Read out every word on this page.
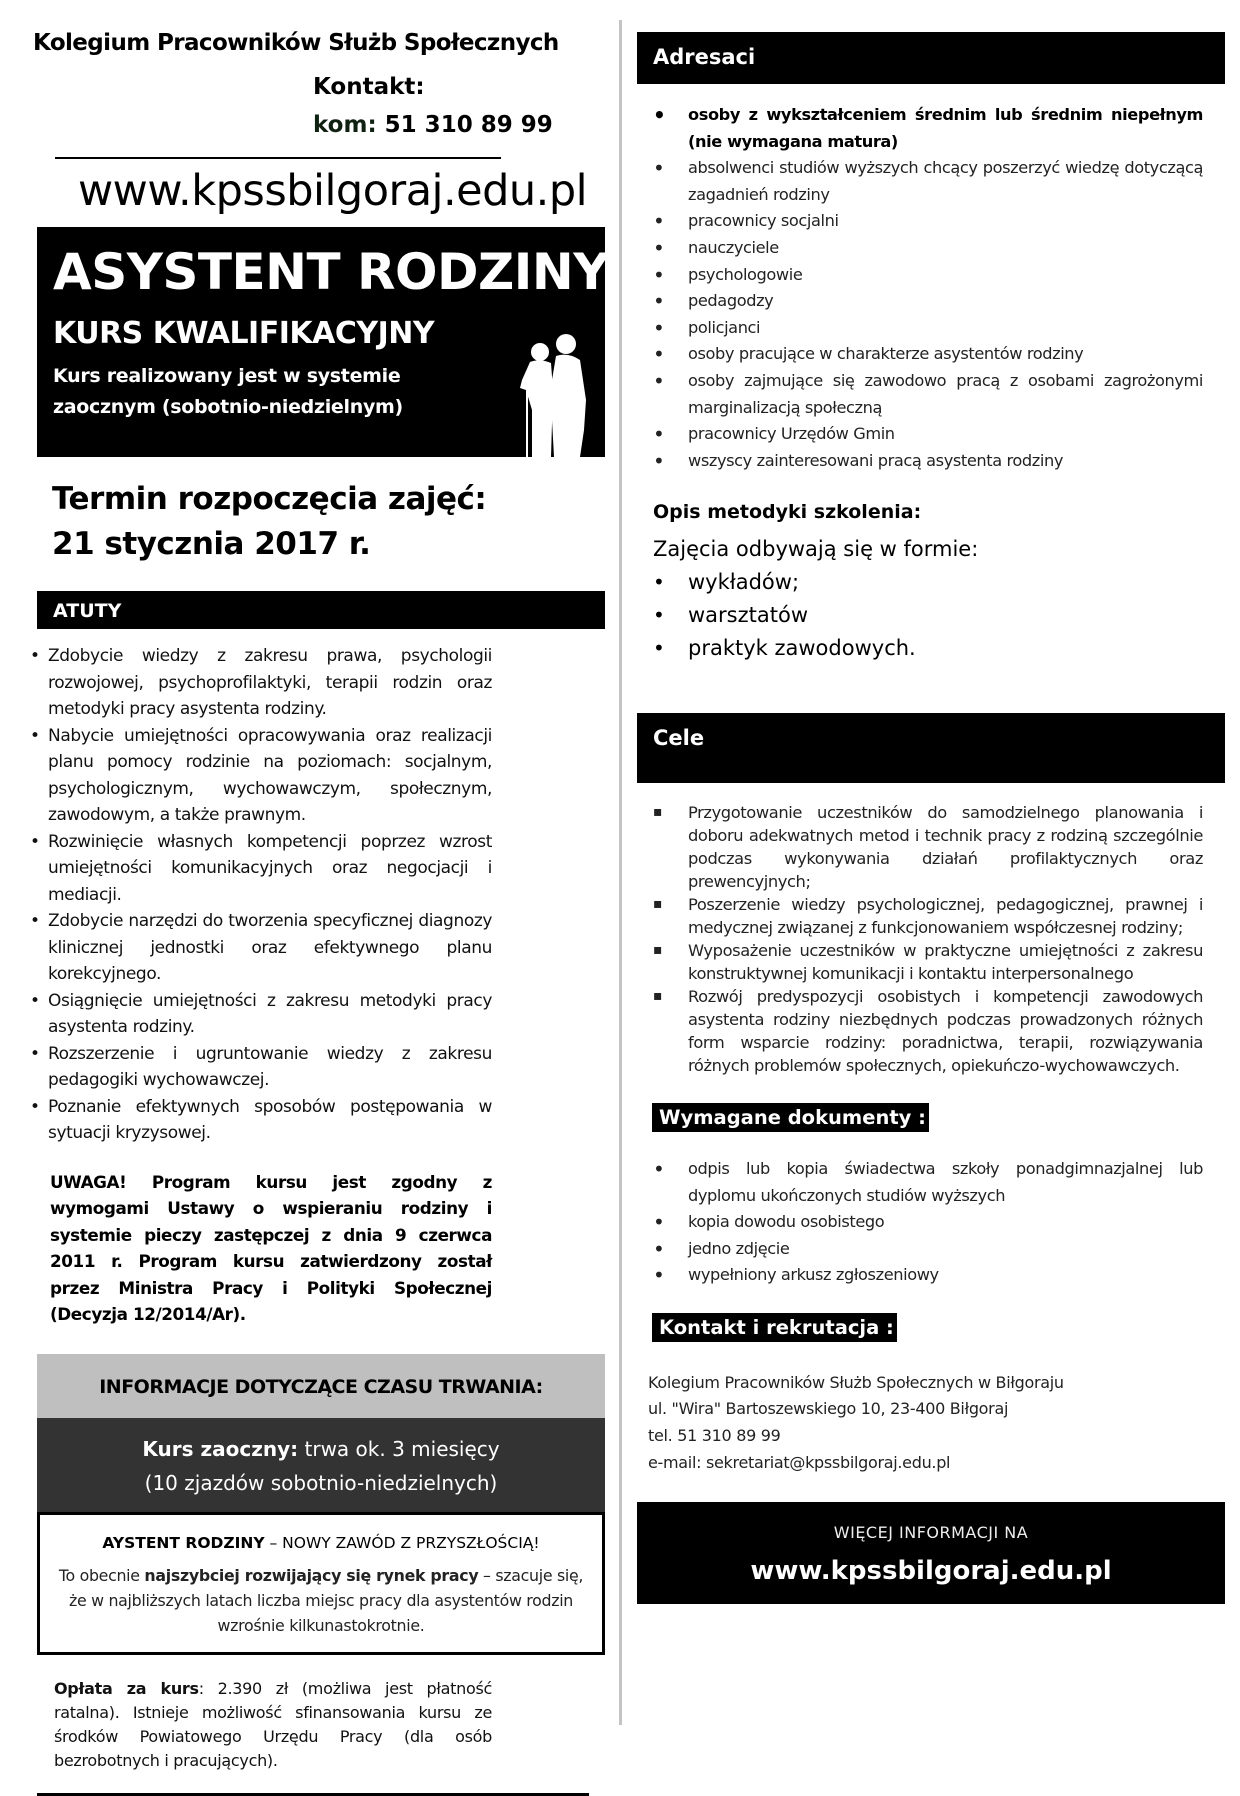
Kolegium Pracowników Służb Społecznych
Kontakt:
kom: 51 310 89 99
www.kpssbilgoraj.edu.pl
ASYSTENT RODZINY
KURS KWALIFIKACYJNY
Kurs realizowany jest w systemie
zaocznym (sobotnio-niedzielnym)
Termin rozpoczęcia zajęć:
21 stycznia 2017 r.
ATUTY
• Zdobycie wiedzy z zakresu prawa, psychologii rozwojowej, psychoprofilaktyki, terapii rodzin oraz metodyki pracy asystenta rodziny.
• Nabycie umiejętności opracowywania oraz realizacji planu pomocy rodzinie na poziomach: socjalnym, psychologicznym, wychowawczym, społecznym, zawodowym, a także prawnym.
• Rozwinięcie własnych kompetencji poprzez wzrost umiejętności komunikacyjnych oraz negocjacji i mediacji.
• Zdobycie narzędzi do tworzenia specyficznej diagnozy klinicznej jednostki oraz efektywnego planu korekcyjnego.
• Osiągnięcie umiejętności z zakresu metodyki pracy asystenta rodziny.
• Rozszerzenie i ugruntowanie wiedzy z zakresu pedagogiki wychowawczej.
• Poznanie efektywnych sposobów postępowania w sytuacji kryzysowej.
UWAGA! Program kursu jest zgodny z wymogami Ustawy o wspieraniu rodziny i systemie pieczy zastępczej z dnia 9 czerwca 2011 r. Program kursu zatwierdzony został przez Ministra Pracy i Polityki Społecznej (Decyzja 12/2014/Ar).
INFORMACJE DOTYCZĄCE CZASU TRWANIA:
Kurs zaoczny: trwa ok. 3 miesięcy
(10 zjazdów sobotnio-niedzielnych)
AYSTENT RODZINY – NOWY ZAWÓD Z PRZYSZŁOŚCIĄ!
To obecnie najszybciej rozwijający się rynek pracy – szacuje się, że w najbliższych latach liczba miejsc pracy dla asystentów rodzin wzrośnie kilkunastokrotnie.
Opłata za kurs: 2.390 zł (możliwa jest płatność ratalna). Istnieje możliwość sfinansowania kursu ze środków Powiatowego Urzędu Pracy (dla osób bezrobotnych i pracujących).
Adresaci
• osoby z wykształceniem średnim lub średnim niepełnym (nie wymagana matura)
• absolwenci studiów wyższych chcący poszerzyć wiedzę dotyczącą zagadnień rodziny
• pracownicy socjalni
• nauczyciele
• psychologowie
• pedagodzy
• policjanci
• osoby pracujące w charakterze asystentów rodziny
• osoby zajmujące się zawodowo pracą z osobami zagrożonymi marginalizacją społeczną
• pracownicy Urzędów Gmin
• wszyscy zainteresowani pracą asystenta rodziny
Opis metodyki szkolenia:
Zajęcia odbywają się w formie:
• wykładów;
• warsztatów
• praktyk zawodowych.
Cele
▪ Przygotowanie uczestników do samodzielnego planowania i doboru adekwatnych metod i technik pracy z rodziną szczególnie podczas wykonywania działań profilaktycznych oraz prewencyjnych;
▪ Poszerzenie wiedzy psychologicznej, pedagogicznej, prawnej i medycznej związanej z funkcjonowaniem współczesnej rodziny;
▪ Wyposażenie uczestników w praktyczne umiejętności z zakresu konstruktywnej komunikacji i kontaktu interpersonalnego
▪ Rozwój predyspozycji osobistych i kompetencji zawodowych asystenta rodziny niezbędnych podczas prowadzonych różnych form wsparcie rodziny: poradnictwa, terapii, rozwiązywania różnych problemów społecznych, opiekuńczo-wychowawczych.
Wymagane dokumenty :
• odpis lub kopia świadectwa szkoły ponadgimnazjalnej lub dyplomu ukończonych studiów wyższych
• kopia dowodu osobistego
• jedno zdjęcie
• wypełniony arkusz zgłoszeniowy
Kontakt i rekrutacja :
Kolegium Pracowników Służb Społecznych w Biłgoraju
ul. "Wira" Bartoszewskiego 10, 23-400 Biłgoraj
tel. 51 310 89 99
e-mail: sekretariat@kpssbilgoraj.edu.pl
WIĘCEJ INFORMACJI NA
www.kpssbilgoraj.edu.pl
